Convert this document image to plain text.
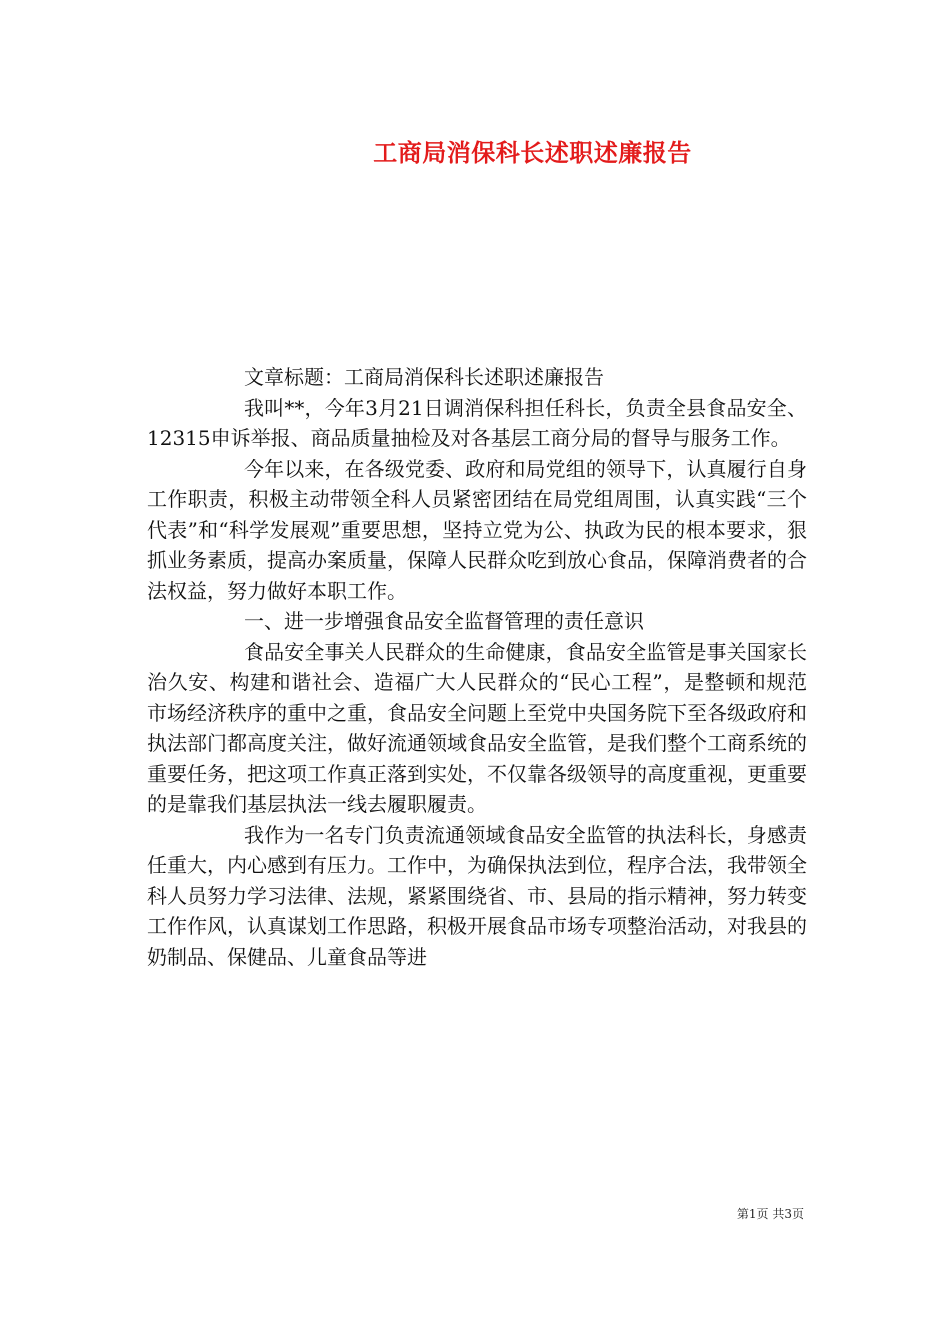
工商局消保科长述职述廉报告

文章标题：工商局消保科长述职述廉报告

我叫**，今年3月21日调消保科担任科长，负责全县食品安全、12315申诉举报、商品质量抽检及对各基层工商分局的督导与服务工作。

今年以来，在各级党委、政府和局党组的领导下，认真履行自身工作职责，积极主动带领全科人员紧密团结在局党组周围，认真实践“三个代表”和“科学发展观”重要思想，坚持立党为公、执政为民的根本要求，狠抓业务素质，提高办案质量，保障人民群众吃到放心食品，保障消费者的合法权益，努力做好本职工作。

一、进一步增强食品安全监督管理的责任意识

食品安全事关人民群众的生命健康，食品安全监管是事关国家长治久安、构建和谐社会、造福广大人民群众的“民心工程”，是整顿和规范市场经济秩序的重中之重，食品安全问题上至党中央国务院下至各级政府和执法部门都高度关注，做好流通领域食品安全监管，是我们整个工商系统的重要任务，把这项工作真正落到实处，不仅靠各级领导的高度重视，更重要的是靠我们基层执法一线去履职履责。

我作为一名专门负责流通领域食品安全监管的执法科长，身感责任重大，内心感到有压力。工作中，为确保执法到位，程序合法，我带领全科人员努力学习法律、法规，紧紧围绕省、市、县局的指示精神，努力转变工作作风，认真谋划工作思路，积极开展食品市场专项整治活动，对我县的奶制品、保健品、儿童食品等进

第1页 共3页
